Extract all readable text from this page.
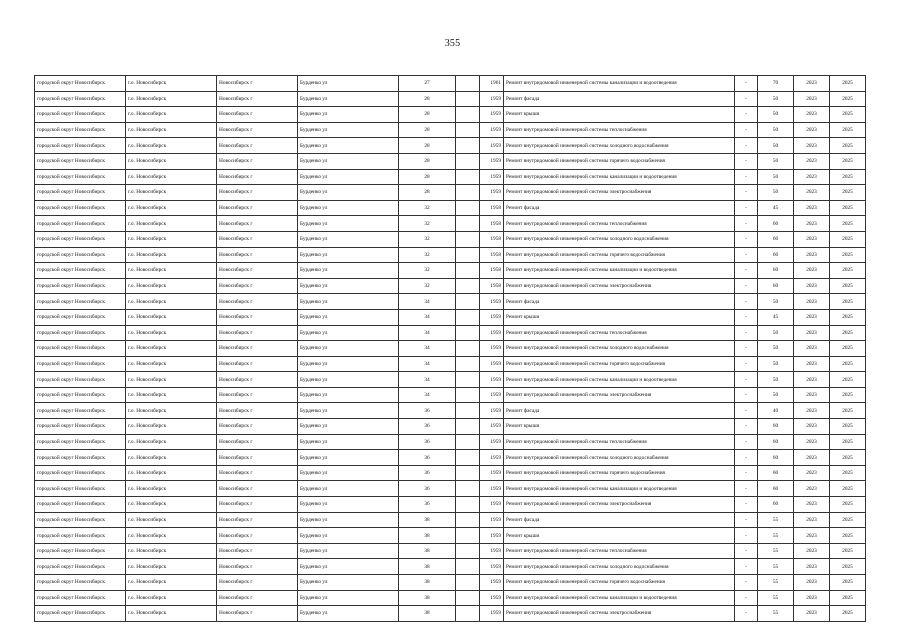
355
городской округ Новосибирск	г.о. Новосибирск	Новосибирск г	Бурденко ул	27		1961	Ремонт внутридомовой инженерной системы канализации и водоотведения	-	70	2023	2025
городской округ Новосибирск	г.о. Новосибирск	Новосибирск г	Бурденко ул	28		1959	Ремонт фасада	-	50	2023	2025
городской округ Новосибирск	г.о. Новосибирск	Новосибирск г	Бурденко ул	28		1959	Ремонт крыши	-	50	2023	2025
городской округ Новосибирск	г.о. Новосибирск	Новосибирск г	Бурденко ул	28		1959	Ремонт внутридомовой инженерной системы теплоснабжения	-	50	2023	2025
городской округ Новосибирск	г.о. Новосибирск	Новосибирск г	Бурденко ул	28		1959	Ремонт внутридомовой инженерной системы холодного водоснабжения	-	50	2023	2025
городской округ Новосибирск	г.о. Новосибирск	Новосибирск г	Бурденко ул	28		1959	Ремонт внутридомовой инженерной системы горячего водоснабжения	-	50	2023	2025
городской округ Новосибирск	г.о. Новосибирск	Новосибирск г	Бурденко ул	28		1959	Ремонт внутридомовой инженерной системы канализации и водоотведения	-	50	2023	2025
городской округ Новосибирск	г.о. Новосибирск	Новосибирск г	Бурденко ул	28		1959	Ремонт внутридомовой инженерной системы электроснабжения	-	50	2023	2025
городской округ Новосибирск	г.о. Новосибирск	Новосибирск г	Бурденко ул	32		1958	Ремонт фасада	-	45	2023	2025
городской округ Новосибирск	г.о. Новосибирск	Новосибирск г	Бурденко ул	32		1958	Ремонт внутридомовой инженерной системы теплоснабжения	-	60	2023	2025
городской округ Новосибирск	г.о. Новосибирск	Новосибирск г	Бурденко ул	32		1958	Ремонт внутридомовой инженерной системы холодного водоснабжения	-	60	2023	2025
городской округ Новосибирск	г.о. Новосибирск	Новосибирск г	Бурденко ул	32		1958	Ремонт внутридомовой инженерной системы горячего водоснабжения	-	60	2023	2025
городской округ Новосибирск	г.о. Новосибирск	Новосибирск г	Бурденко ул	32		1958	Ремонт внутридомовой инженерной системы канализации и водоотведения	-	60	2023	2025
городской округ Новосибирск	г.о. Новосибирск	Новосибирск г	Бурденко ул	32		1958	Ремонт внутридомовой инженерной системы электроснабжения	-	60	2023	2025
городской округ Новосибирск	г.о. Новосибирск	Новосибирск г	Бурденко ул	34		1959	Ремонт фасада	-	50	2023	2025
городской округ Новосибирск	г.о. Новосибирск	Новосибирск г	Бурденко ул	34		1959	Ремонт крыши	-	45	2023	2025
городской округ Новосибирск	г.о. Новосибирск	Новосибирск г	Бурденко ул	34		1959	Ремонт внутридомовой инженерной системы теплоснабжения	-	50	2023	2025
городской округ Новосибирск	г.о. Новосибирск	Новосибирск г	Бурденко ул	34		1959	Ремонт внутридомовой инженерной системы холодного водоснабжения	-	50	2023	2025
городской округ Новосибирск	г.о. Новосибирск	Новосибирск г	Бурденко ул	34		1959	Ремонт внутридомовой инженерной системы горячего водоснабжения	-	50	2023	2025
городской округ Новосибирск	г.о. Новосибирск	Новосибирск г	Бурденко ул	34		1959	Ремонт внутридомовой инженерной системы канализации и водоотведения	-	50	2023	2025
городской округ Новосибирск	г.о. Новосибирск	Новосибирск г	Бурденко ул	34		1959	Ремонт внутридомовой инженерной системы электроснабжения	-	50	2023	2025
городской округ Новосибирск	г.о. Новосибирск	Новосибирск г	Бурденко ул	36		1959	Ремонт фасада	-	40	2023	2025
городской округ Новосибирск	г.о. Новосибирск	Новосибирск г	Бурденко ул	36		1959	Ремонт крыши	-	60	2023	2025
городской округ Новосибирск	г.о. Новосибирск	Новосибирск г	Бурденко ул	36		1959	Ремонт внутридомовой инженерной системы теплоснабжения	-	60	2023	2025
городской округ Новосибирск	г.о. Новосибирск	Новосибирск г	Бурденко ул	36		1959	Ремонт внутридомовой инженерной системы холодного водоснабжения	-	60	2023	2025
городской округ Новосибирск	г.о. Новосибирск	Новосибирск г	Бурденко ул	36		1959	Ремонт внутридомовой инженерной системы горячего водоснабжения	-	60	2023	2025
городской округ Новосибирск	г.о. Новосибирск	Новосибирск г	Бурденко ул	36		1959	Ремонт внутридомовой инженерной системы канализации и водоотведения	-	60	2023	2025
городской округ Новосибирск	г.о. Новосибирск	Новосибирск г	Бурденко ул	36		1959	Ремонт внутридомовой инженерной системы электроснабжения	-	60	2023	2025
городской округ Новосибирск	г.о. Новосибирск	Новосибирск г	Бурденко ул	38		1959	Ремонт фасада	-	55	2023	2025
городской округ Новосибирск	г.о. Новосибирск	Новосибирск г	Бурденко ул	38		1959	Ремонт крыши	-	55	2023	2025
городской округ Новосибирск	г.о. Новосибирск	Новосибирск г	Бурденко ул	38		1959	Ремонт внутридомовой инженерной системы теплоснабжения	-	55	2023	2025
городской округ Новосибирск	г.о. Новосибирск	Новосибирск г	Бурденко ул	38		1959	Ремонт внутридомовой инженерной системы холодного водоснабжения	-	55	2023	2025
городской округ Новосибирск	г.о. Новосибирск	Новосибирск г	Бурденко ул	38		1959	Ремонт внутридомовой инженерной системы горячего водоснабжения	-	55	2023	2025
городской округ Новосибирск	г.о. Новосибирск	Новосибирск г	Бурденко ул	38		1959	Ремонт внутридомовой инженерной системы канализации и водоотведения	-	55	2023	2025
городской округ Новосибирск	г.о. Новосибирск	Новосибирск г	Бурденко ул	38		1959	Ремонт внутридомовой инженерной системы электроснабжения	-	55	2023	2025
